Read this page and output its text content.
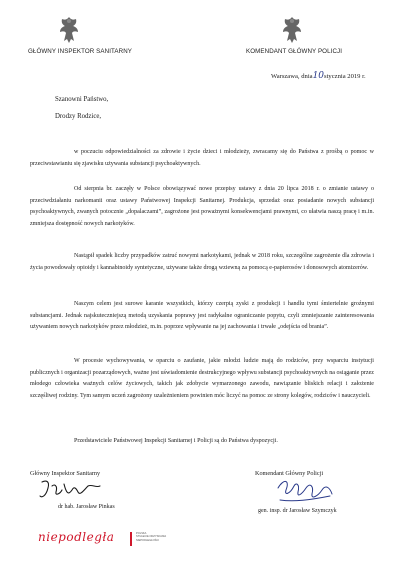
GŁÓWNY INSPEKTOR SANITARNY	KOMENDANT GŁÓWNY POLICJI
Warszawa, dnia10stycznia 2019 r.
Szanowni Państwo,
Drodzy Rodzice,
w poczuciu odpowiedzialności za zdrowie i życie dzieci i młodzieży, zwracamy się do Państwa z prośbą o pomoc w przeciwstawianiu się zjawisku używania substancji psychoaktywnych.
Od sierpnia br. zaczęły w Polsce obowiązywać nowe przepisy ustawy z dnia 20 lipca 2018 r. o zmianie ustawy o przeciwdziałaniu narkomanii oraz ustawy Państwowej Inspekcji Sanitarnej. Produkcja, sprzedaż oraz posiadanie nowych substancji psychoaktywnych, zwanych potocznie „dopalaczami”, zagrożone jest poważnymi konsekwencjami prawnymi, co ułatwia naszą pracę i m.in. zmniejsza dostępność nowych narkotyków.
Nastąpił spadek liczby przypadków zatruć nowymi narkotykami, jednak w 2018 roku, szczególne zagrożenie dla zdrowia i życia powodowały opioidy i kannabinoidy syntetyczne, używane także drogą wziewną za pomocą e-papierosów i donosowych atomizerów.
Naszym celem jest surowe karanie wszystkich, którzy czerpią zyski z produkcji i handlu tymi śmiertelnie groźnymi substancjami. Jednak najskuteczniejszą metodą uzyskania poprawy jest radykalne ograniczanie popytu, czyli zmniejszanie zainteresowania używaniem nowych narkotyków przez młodzież, m.in. poprzez wpływanie na jej zachowania i trwałe „odejścia od brania”.
W procesie wychowywania, w oparciu o zaufanie, jakie młodzi ludzie mają do rodziców, przy wsparciu instytucji publicznych i organizacji pozarządowych, ważne jest uświadomienie destrukcyjnego wpływu substancji psychoaktywnych na osiąganie przez młodego człowieka ważnych celów życiowych, takich jak zdobycie wymarzonego zawodu, nawiązanie bliskich relacji i założenie szczęśliwej rodziny. Tym samym uczeń zagrożony uzależnieniem powinien móc liczyć na pomoc ze strony kolegów, rodziców i nauczycieli.
Przedstawiciele Państwowej Inspekcji Sanitarnej i Policji są do Państwa dyspozycji.
Główny Inspektor Sanitarny
dr hab. Jarosław Pinkas
Komendant Główny Policji
gen. insp. dr Jarosław Szymczyk
niepodległa	POLSKA
STULECIE ODZYSKANIA
NIEPODLEGŁOŚCI
